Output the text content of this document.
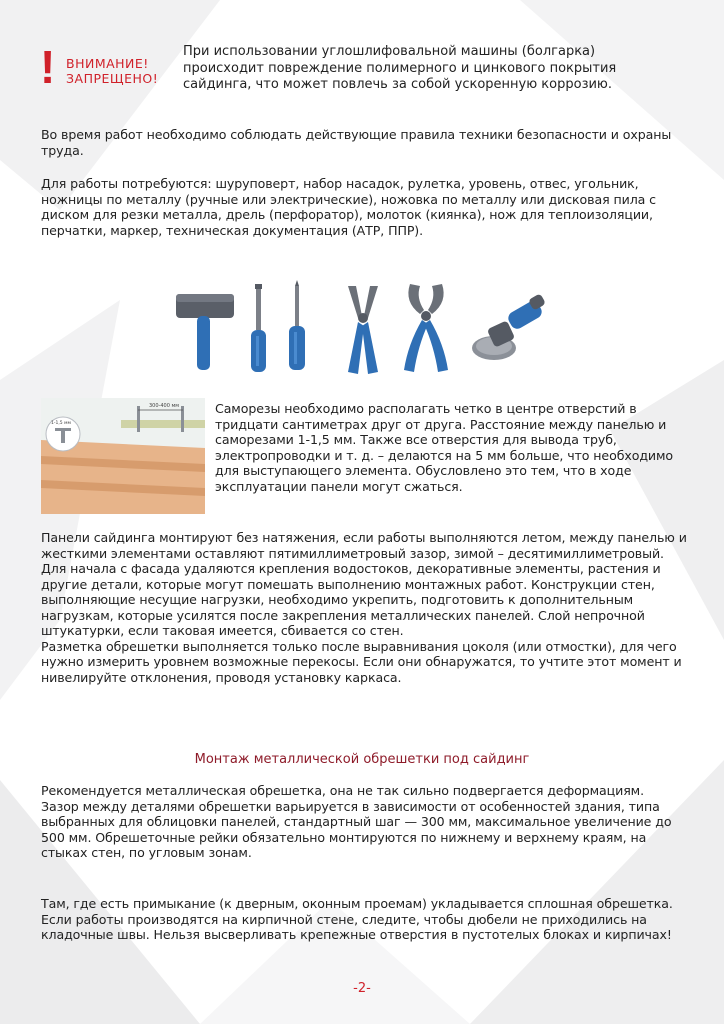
! ВНИМАНИЕ!
ЗАПРЕЩЕНО!

При использовании углошлифовальной машины (болгарка) происходит повреждение полимерного и цинкового покрытия сайдинга, что может повлечь за собой ускоренную коррозию.

Во время работ необходимо соблюдать действующие правила техники безопасности и охраны труда.

Для работы потребуются: шуруповерт, набор насадок, рулетка, уровень, отвес, угольник, ножницы по металлу (ручные или электрические), ножовка по металлу или дисковая пила с диском для резки металла, дрель (перфоратор), молоток (киянка), нож для теплоизоляции, перчатки, маркер, техническая документация (АТР, ППР).

300-400 мм
1-1,5 мм

Саморезы необходимо располагать четко в центре отверстий в тридцати сантиметрах друг от друга. Расстояние между панелью и саморезами 1-1,5 мм. Также все отверстия для вывода труб, электропроводки и т. д. – делаются на 5 мм больше, что необходимо для выступающего элемента. Обусловлено это тем, что в ходе эксплуатации панели могут сжаться.

Панели сайдинга монтируют без натяжения, если работы выполняются летом, между панелью и жесткими элементами оставляют пятимиллиметровый зазор, зимой – десятимиллиметровый.

Для начала с фасада удаляются крепления водостоков, декоративные элементы, растения и другие детали, которые могут помешать выполнению монтажных работ. Конструкции стен, выполняющие несущие нагрузки, необходимо укрепить, подготовить к дополнительным нагрузкам, которые усилятся после закрепления металлических панелей. Слой непрочной штукатурки, если таковая имеется, сбивается со стен.

Разметка обрешетки выполняется только после выравнивания цоколя (или отмостки), для чего нужно измерить уровнем возможные перекосы. Если они обнаружатся, то учтите этот момент и нивелируйте отклонения, проводя установку каркаса.

Монтаж металлической обрешетки под сайдинг

Рекомендуется металлическая обрешетка, она не так сильно подвергается деформациям.

Зазор между деталями обрешетки варьируется в зависимости от особенностей здания, типа выбранных для облицовки панелей, стандартный шаг — 300 мм, максимальное увеличение до 500 мм. Обрешеточные рейки обязательно монтируются по нижнему и верхнему краям, на стыках стен, по угловым зонам.

Там, где есть примыкание (к дверным, оконным проемам) укладывается сплошная обрешетка.

Если работы производятся на кирпичной стене, следите, чтобы дюбели не приходились на кладочные швы. Нельзя высверливать крепежные отверстия в пустотелых блоках и кирпичах!

-2-
